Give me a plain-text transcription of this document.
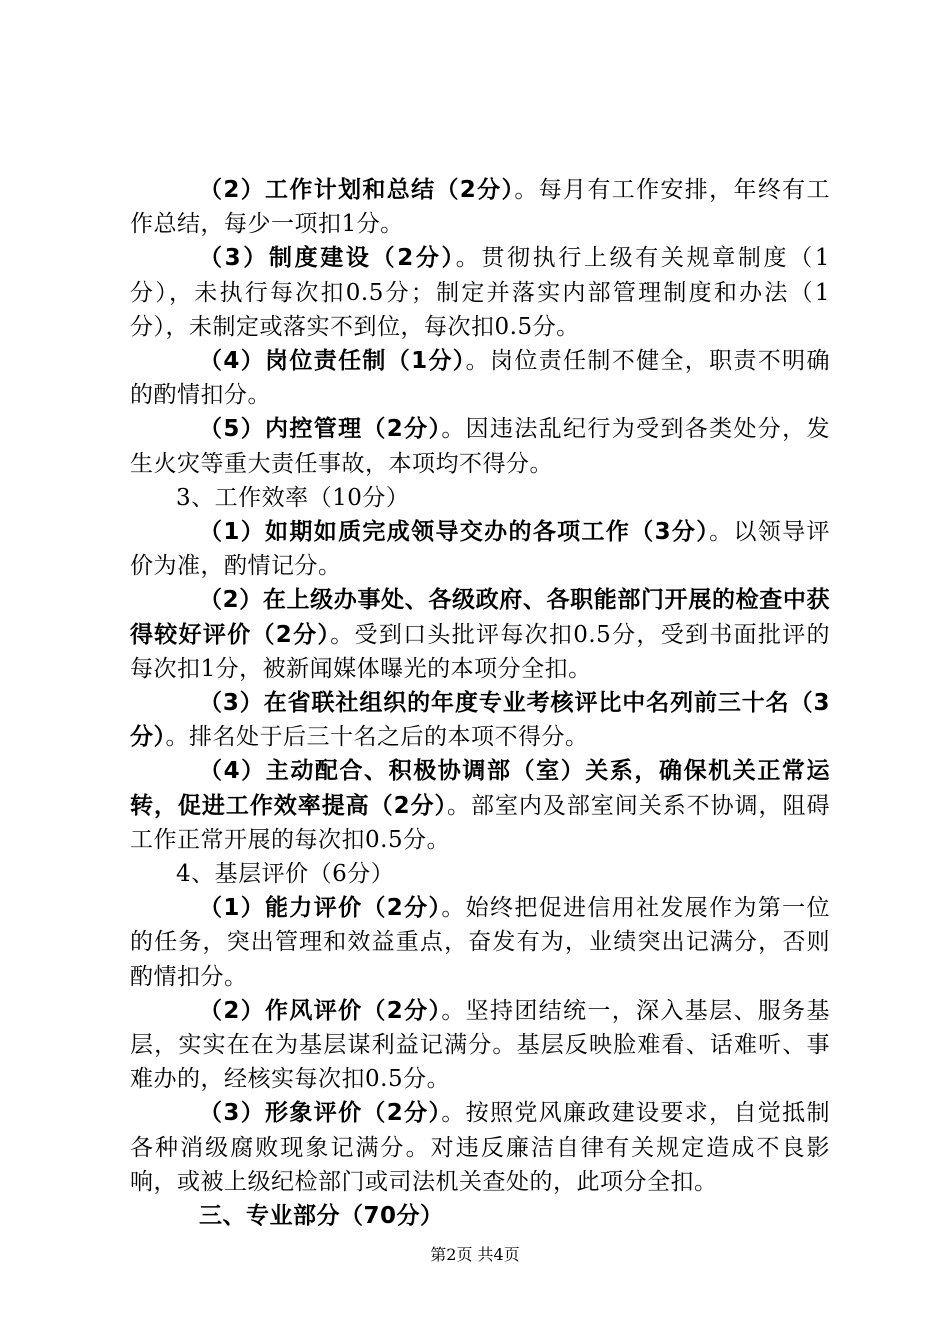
（2）工作计划和总结（2分）。每月有工作安排，年终有工作总结，每少一项扣1分。

（3）制度建设（2分）。贯彻执行上级有关规章制度（1分），未执行每次扣0.5分；制定并落实内部管理制度和办法（1分），未制定或落实不到位，每次扣0.5分。

（4）岗位责任制（1分）。岗位责任制不健全，职责不明确的酌情扣分。

（5）内控管理（2分）。因违法乱纪行为受到各类处分，发生火灾等重大责任事故，本项均不得分。

3、工作效率（10分）

（1）如期如质完成领导交办的各项工作（3分）。以领导评价为准，酌情记分。

（2）在上级办事处、各级政府、各职能部门开展的检查中获得较好评价（2分）。受到口头批评每次扣0.5分，受到书面批评的每次扣1分，被新闻媒体曝光的本项分全扣。

（3）在省联社组织的年度专业考核评比中名列前三十名（3分）。排名处于后三十名之后的本项不得分。

（4）主动配合、积极协调部（室）关系，确保机关正常运转，促进工作效率提高（2分）。部室内及部室间关系不协调，阻碍工作正常开展的每次扣0.5分。

4、基层评价（6分）

（1）能力评价（2分）。始终把促进信用社发展作为第一位的任务，突出管理和效益重点，奋发有为，业绩突出记满分，否则酌情扣分。

（2）作风评价（2分）。坚持团结统一，深入基层、服务基层，实实在在为基层谋利益记满分。基层反映脸难看、话难听、事难办的，经核实每次扣0.5分。

（3）形象评价（2分）。按照党风廉政建设要求，自觉抵制各种消级腐败现象记满分。对违反廉洁自律有关规定造成不良影响，或被上级纪检部门或司法机关查处的，此项分全扣。

三、专业部分（70分）

第2页 共4页
